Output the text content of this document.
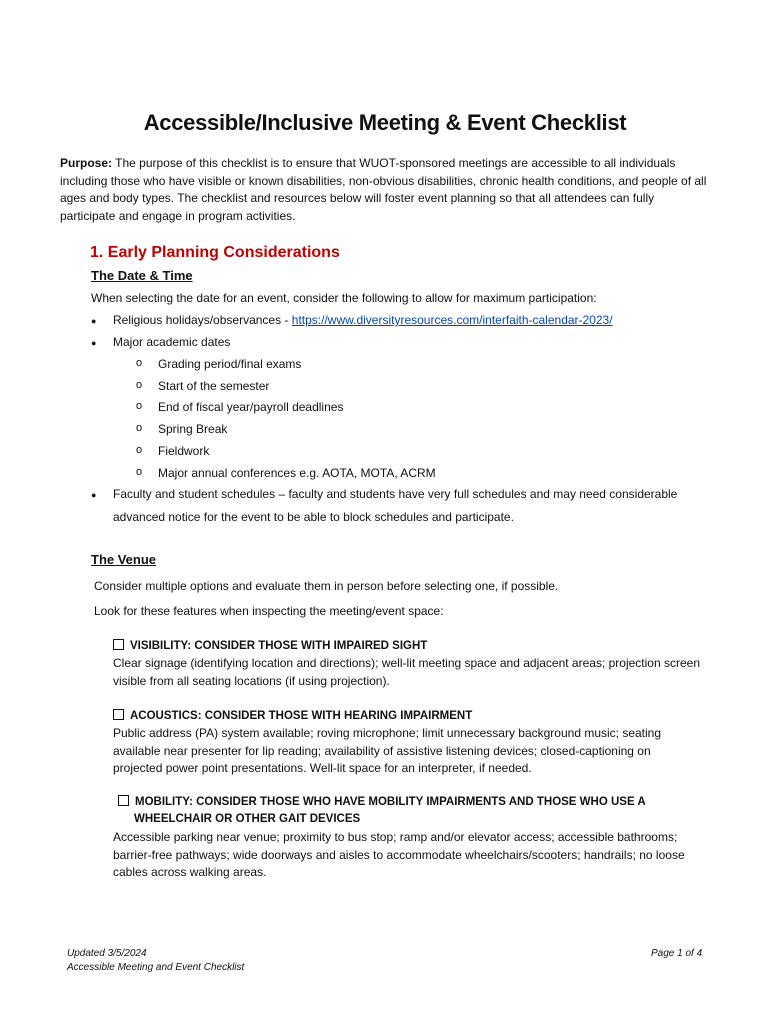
Accessible/Inclusive Meeting & Event Checklist
Purpose: The purpose of this checklist is to ensure that WUOT-sponsored meetings are accessible to all individuals including those who have visible or known disabilities, non-obvious disabilities, chronic health conditions, and people of all ages and body types. The checklist and resources below will foster event planning so that all attendees can fully participate and engage in program activities.
1. Early Planning Considerations
The Date & Time
When selecting the date for an event, consider the following to allow for maximum participation:
● Religious holidays/observances - https://www.diversityresources.com/interfaith-calendar-2023/
● Major academic dates
o Grading period/final exams
o Start of the semester
o End of fiscal year/payroll deadlines
o Spring Break
o Fieldwork
o Major annual conferences e.g. AOTA, MOTA, ACRM
● Faculty and student schedules – faculty and students have very full schedules and may need considerable
advanced notice for the event to be able to block schedules and participate.
The Venue
Consider multiple options and evaluate them in person before selecting one, if possible.
Look for these features when inspecting the meeting/event space:
VISIBILITY: CONSIDER THOSE WITH IMPAIRED SIGHT
Clear signage (identifying location and directions); well-lit meeting space and adjacent areas; projection screen visible from all seating locations (if using projection).
ACOUSTICS: CONSIDER THOSE WITH HEARING IMPAIRMENT
Public address (PA) system available; roving microphone; limit unnecessary background music; seating available near presenter for lip reading; availability of assistive listening devices; closed-captioning on projected power point presentations. Well-lit space for an interpreter, if needed.
MOBILITY: CONSIDER THOSE WHO HAVE MOBILITY IMPAIRMENTS AND THOSE WHO USE A
WHEELCHAIR OR OTHER GAIT DEVICES
Accessible parking near venue; proximity to bus stop; ramp and/or elevator access; accessible bathrooms; barrier-free pathways; wide doorways and aisles to accommodate wheelchairs/scooters; handrails; no loose cables across walking areas.
Updated 3/5/2024
Accessible Meeting and Event Checklist
Page 1 of 4
